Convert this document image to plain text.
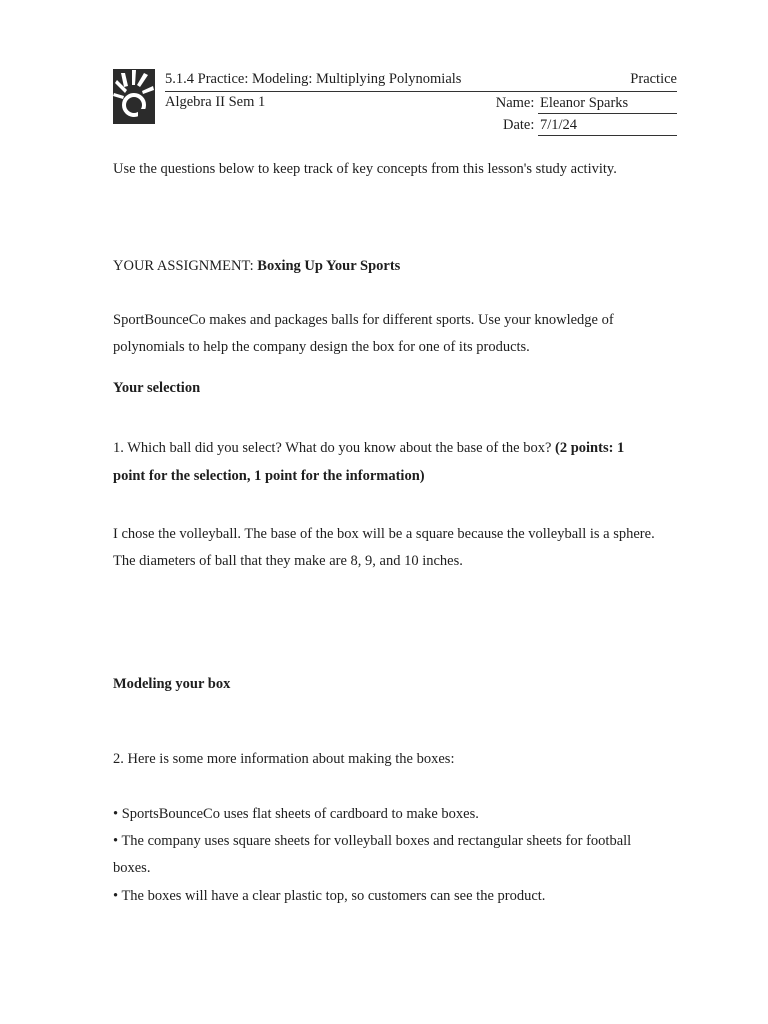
5.1.4 Practice: Modeling: Multiplying Polynomials	Practice
Algebra II Sem 1	Name: Eleanor Sparks
Date: 7/1/24
Use the questions below to keep track of key concepts from this lesson's study activity.
YOUR ASSIGNMENT: Boxing Up Your Sports
SportBounceCo makes and packages balls for different sports. Use your knowledge of
polynomials to help the company design the box for one of its products.
Your selection
1. Which ball did you select? What do you know about the base of the box? (2 points: 1
point for the selection, 1 point for the information)
I chose the volleyball. The base of the box will be a square because the volleyball is a sphere.
The diameters of ball that they make are 8, 9, and 10 inches.
Modeling your box
2. Here is some more information about making the boxes:
• SportsBounceCo uses flat sheets of cardboard to make boxes.
• The company uses square sheets for volleyball boxes and rectangular sheets for football
boxes.
• The boxes will have a clear plastic top, so customers can see the product.
